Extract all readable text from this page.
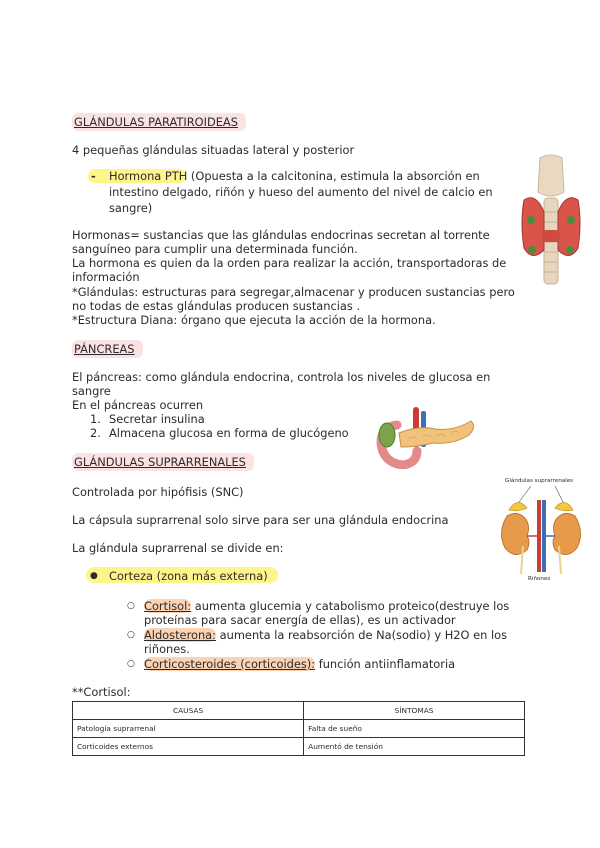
GLÁNDULAS PARATIROIDEAS
4 pequeñas glándulas situadas lateral y posterior
- Hormona PTH (Opuesta a la calcitonina, estimula la absorción en
intestino delgado, riñón y hueso del aumento del nivel de calcio en
sangre)
Hormonas= sustancias que las glándulas endocrinas secretan al torrente
sanguíneo para cumplir una determinada función.
La hormona es quien da la orden para realizar la acción, transportadoras de
información
*Glándulas: estructuras para segregar,almacenar y producen sustancias pero
no todas de estas glándulas producen sustancias .
*Estructura Diana: órgano que ejecuta la acción de la hormona.
PÁNCREAS
El páncreas: como glándula endocrina, controla los niveles de glucosa en
sangre
En el páncreas ocurren
1. Secretar insulina
2. Almacena glucosa en forma de glucógeno
GLÁNDULAS SUPRARRENALES
Controlada por hipófisis (SNC)
La cápsula suprarrenal solo sirve para ser una glándula endocrina
La glándula suprarrenal se divide en:
● Corteza (zona más externa)
○ Cortisol: aumenta glucemia y catabolismo proteico(destruye los
proteínas para sacar energía de ellas), es un activador
○ Aldosterona: aumenta la reabsorción de Na(sodio) y H2O en los
riñones.
○ Corticosteroides (corticoides): función antiinflamatoria
Glándulas suprarrenales
Riñones
**Cortisol:
CAUSAS	SÍNTOMAS
Patología suprarrenal	Falta de sueño
Corticoides externos	Aumentó de tensión
